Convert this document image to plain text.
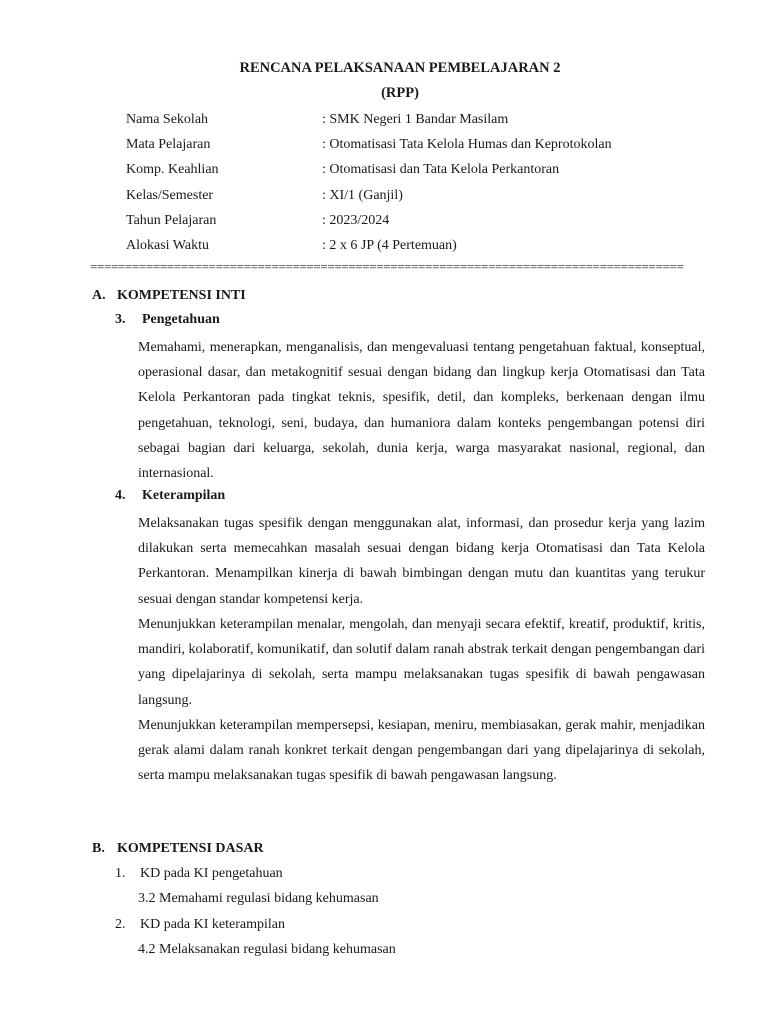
RENCANA PELAKSANAAN PEMBELAJARAN 2
(RPP)
Nama Sekolah	: SMK Negeri 1 Bandar Masilam
Mata Pelajaran	: Otomatisasi Tata Kelola Humas dan Keprotokolan
Komp. Keahlian	: Otomatisasi dan Tata Kelola Perkantoran
Kelas/Semester	: XI/1 (Ganjil)
Tahun Pelajaran	: 2023/2024
Alokasi Waktu	: 2 x 6 JP (4 Pertemuan)
=====================================================================================
A. KOMPETENSI INTI
3. Pengetahuan

Memahami, menerapkan, menganalisis, dan mengevaluasi tentang pengetahuan faktual, konseptual, operasional dasar, dan metakognitif sesuai dengan bidang dan lingkup kerja Otomatisasi dan Tata Kelola Perkantoran pada tingkat teknis, spesifik, detil, dan kompleks, berkenaan dengan ilmu pengetahuan, teknologi, seni, budaya, dan humaniora dalam konteks pengembangan potensi diri sebagai bagian dari keluarga, sekolah, dunia kerja, warga masyarakat nasional, regional, dan internasional.

4. Keterampilan

Melaksanakan tugas spesifik dengan menggunakan alat, informasi, dan prosedur kerja yang lazim dilakukan serta memecahkan masalah sesuai dengan bidang kerja Otomatisasi dan Tata Kelola Perkantoran. Menampilkan kinerja di bawah bimbingan dengan mutu dan kuantitas yang terukur sesuai dengan standar kompetensi kerja.

Menunjukkan keterampilan menalar, mengolah, dan menyaji secara efektif, kreatif, produktif, kritis, mandiri, kolaboratif, komunikatif, dan solutif dalam ranah abstrak terkait dengan pengembangan dari yang dipelajarinya di sekolah, serta mampu melaksanakan tugas spesifik di bawah pengawasan langsung.

Menunjukkan keterampilan mempersepsi, kesiapan, meniru, membiasakan, gerak mahir, menjadikan gerak alami dalam ranah konkret terkait dengan pengembangan dari yang dipelajarinya di sekolah, serta mampu melaksanakan tugas spesifik di bawah pengawasan langsung.

B. KOMPETENSI DASAR
1. KD pada KI pengetahuan
3.2 Memahami regulasi bidang kehumasan
2. KD pada KI keterampilan
4.2 Melaksanakan regulasi bidang kehumasan
